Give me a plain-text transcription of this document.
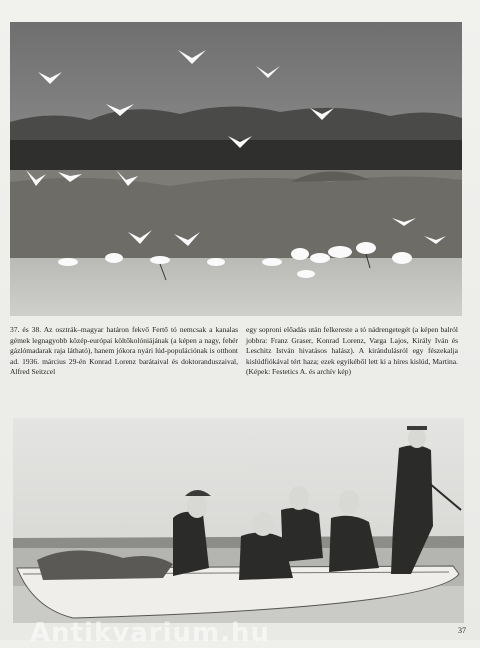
37. és 38. Az osztrák–magyar határon fekvő Fertő tó nemcsak a kanalas gémek legnagyobb közép-európai költőkolóniájának (a képen a nagy, fehér gázlómadarak raja látható), hanem jókora nyári lúd-populációnak is otthont ad. 1936. március 29-én Konrad Lorenz barátaival és doktoranduszaival, Alfred Seitzcel
egy soproni előadás után felkereste a tó nádrengetegét (a képen balról jobbra: Franz Graser, Konrad Lorenz, Varga Lajos, Király Iván és Leschitz István hivatásos halász). A kirándulásról egy fészekalja kislúdfiókával tért haza; ezek egyikéből lett ki a híres kislúd, Martina. (Képek: Festetics A. és archív kép)
37
Antikvarium.hu
